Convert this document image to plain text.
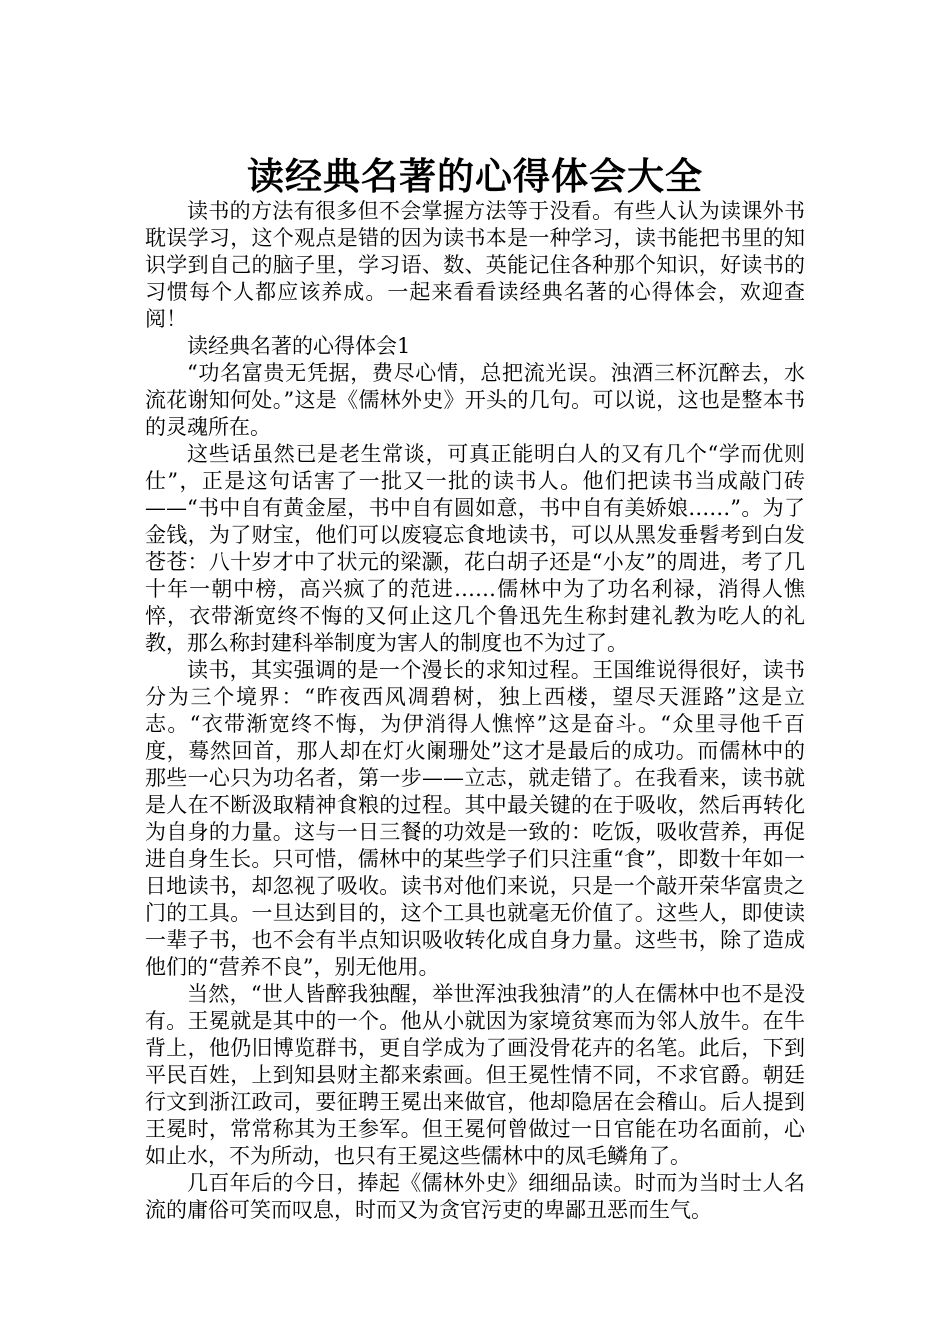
读经典名著的心得体会大全

读书的方法有很多但不会掌握方法等于没看。有些人认为读课外书耽误学习，这个观点是错的因为读书本是一种学习，读书能把书里的知识学到自己的脑子里，学习语、数、英能记住各种那个知识，好读书的习惯每个人都应该养成。一起来看看读经典名著的心得体会，欢迎查阅！

读经典名著的心得体会1

“功名富贵无凭据，费尽心情，总把流光误。浊酒三杯沉醉去，水流花谢知何处。”这是《儒林外史》开头的几句。可以说，这也是整本书的灵魂所在。

这些话虽然已是老生常谈，可真正能明白人的又有几个“学而优则仕”，正是这句话害了一批又一批的读书人。他们把读书当成敲门砖——“书中自有黄金屋，书中自有圆如意，书中自有美娇娘……”。为了金钱，为了财宝，他们可以废寝忘食地读书，可以从黑发垂髫考到白发苍苍：八十岁才中了状元的梁灏，花白胡子还是“小友”的周进，考了几十年一朝中榜，高兴疯了的范进……儒林中为了功名利禄，消得人憔悴，衣带渐宽终不悔的又何止这几个鲁迅先生称封建礼教为吃人的礼教，那么称封建科举制度为害人的制度也不为过了。

读书，其实强调的是一个漫长的求知过程。王国维说得很好，读书分为三个境界：“昨夜西风凋碧树，独上西楼，望尽天涯路”这是立志。“衣带渐宽终不悔，为伊消得人憔悴”这是奋斗。“众里寻他千百度，蓦然回首，那人却在灯火阑珊处”这才是最后的成功。而儒林中的那些一心只为功名者，第一步——立志，就走错了。在我看来，读书就是人在不断汲取精神食粮的过程。其中最关键的在于吸收，然后再转化为自身的力量。这与一日三餐的功效是一致的：吃饭，吸收营养，再促进自身生长。只可惜，儒林中的某些学子们只注重“食”，即数十年如一日地读书，却忽视了吸收。读书对他们来说，只是一个敲开荣华富贵之门的工具。一旦达到目的，这个工具也就毫无价值了。这些人，即使读一辈子书，也不会有半点知识吸收转化成自身力量。这些书，除了造成他们的“营养不良”，别无他用。

当然，“世人皆醉我独醒，举世浑浊我独清”的人在儒林中也不是没有。王冕就是其中的一个。他从小就因为家境贫寒而为邻人放牛。在牛背上，他仍旧博览群书，更自学成为了画没骨花卉的名笔。此后，下到平民百姓，上到知县财主都来索画。但王冕性情不同，不求官爵。朝廷行文到浙江政司，要征聘王冕出来做官，他却隐居在会稽山。后人提到王冕时，常常称其为王参军。但王冕何曾做过一日官能在功名面前，心如止水，不为所动，也只有王冕这些儒林中的凤毛鳞角了。

几百年后的今日，捧起《儒林外史》细细品读。时而为当时士人名流的庸俗可笑而叹息，时而又为贪官污吏的卑鄙丑恶而生气。
